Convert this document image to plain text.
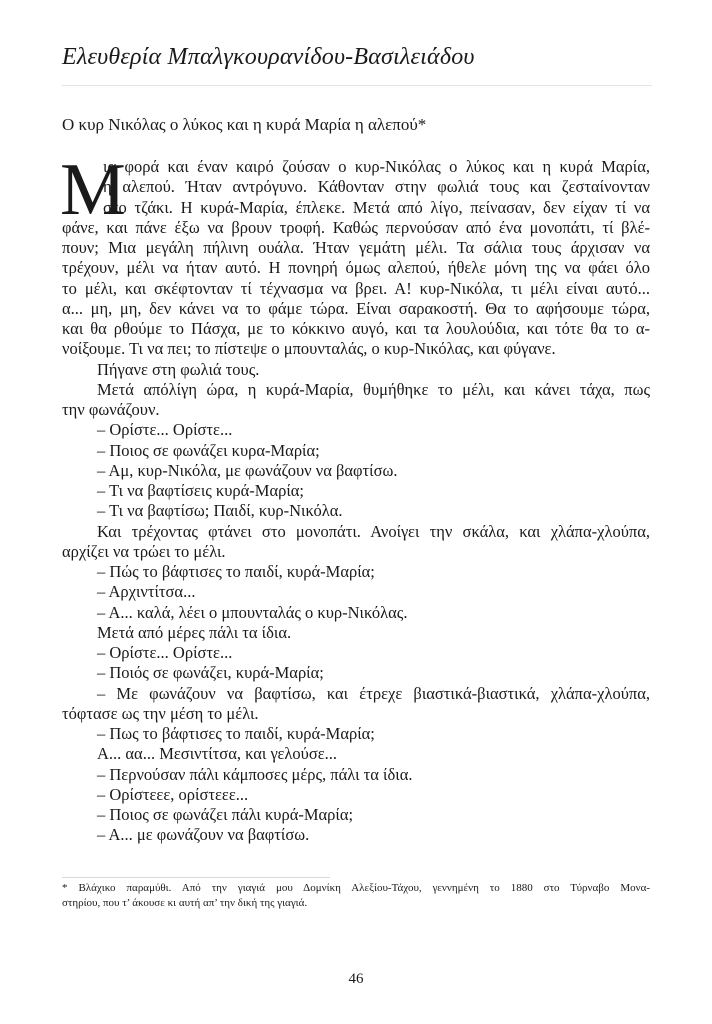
Ελευθερία Μπαλγκουρανίδου-Βασιλειάδου
Ο κυρ Νικόλας ο λύκος και η κυρά Μαρία η αλεπού*
Μ
ια φορά και έναν καιρό ζούσαν ο κυρ-Νικόλας ο λύκος και η κυρά Μαρία,
η αλεπού. Ήταν αντρόγυνο. Κάθονταν στην φωλιά τους και ζεσταίνονταν
στο τζάκι. Η κυρά-Μαρία, έπλεκε. Μετά από λίγο, πείνασαν, δεν είχαν τί να
φάνε, και πάνε έξω να βρουν τροφή. Καθώς περνούσαν από ένα μονοπάτι, τί βλέ-
πουν; Μια μεγάλη πήλινη ουάλα. Ήταν γεμάτη μέλι. Τα σάλια τους άρχισαν να
τρέχουν, μέλι να ήταν αυτό. Η πονηρή όμως αλεπού, ήθελε μόνη της να φάει όλο
το μέλι, και σκέφτονταν τί τέχνασμα να βρει. Α! κυρ-Νικόλα, τι μέλι είναι αυτό...
α... μη, μη, δεν κάνει να το φάμε τώρα. Είναι σαρακοστή. Θα το αφήσουμε τώρα,
και θα ρθούμε το Πάσχα, με το κόκκινο αυγό, και τα λουλούδια, και τότε θα το α-
νοίξουμε. Τι να πει; το πίστεψε ο μπουνταλάς, ο κυρ-Νικόλας, και φύγανε.
Πήγανε στη φωλιά τους.
Μετά απόλίγη ώρα, η κυρά-Μαρία, θυμήθηκε το μέλι, και κάνει τάχα, πως
την φωνάζουν.
– Ορίστε... Ορίστε...
– Ποιος σε φωνάζει κυρα-Μαρία;
– Αμ, κυρ-Νικόλα, με φωνάζουν να βαφτίσω.
– Τι να βαφτίσεις κυρά-Μαρία;
– Τι να βαφτίσω; Παιδί, κυρ-Νικόλα.
Και τρέχοντας φτάνει στο μονοπάτι. Ανοίγει την σκάλα, και χλάπα-χλούπα,
αρχίζει να τρώει το μέλι.
– Πώς το βάφτισες το παιδί, κυρά-Μαρία;
– Αρχιντίτσα...
– Α... καλά, λέει ο μπουνταλάς ο κυρ-Νικόλας.
Μετά από μέρες πάλι τα ίδια.
– Ορίστε... Ορίστε...
– Ποιός σε φωνάζει, κυρά-Μαρία;
– Με φωνάζουν να βαφτίσω, και έτρεχε βιαστικά-βιαστικά, χλάπα-χλούπα,
τόφτασε ως την μέση το μέλι.
– Πως το βάφτισες το παιδί, κυρά-Μαρία;
Α... αα... Μεσιντίτσα, και γελούσε...
– Περνούσαν πάλι κάμποσες μέρς, πάλι τα ίδια.
– Ορίστεεε, ορίστεεε...
– Ποιος σε φωνάζει πάλι κυρά-Μαρία;
– Α... με φωνάζουν να βαφτίσω.
* Βλάχικο παραμύθι. Από την γιαγιά μου Δομνίκη Αλεξίου-Τάχου, γεννημένη το 1880 στο Τύρναβο Μονα-
στηρίου, που τ’ άκουσε κι αυτή απ’ την δική της γιαγιά.
46
